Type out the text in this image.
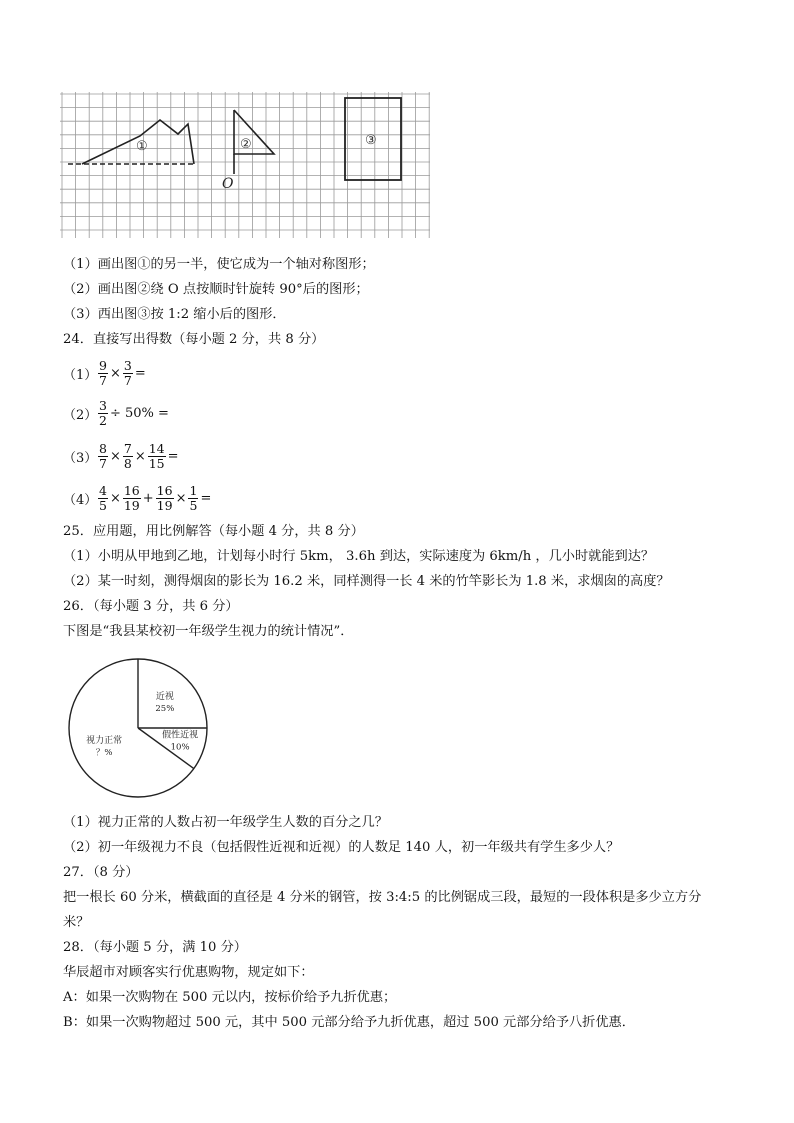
①	②
O
③
（1）画出图①的另一半，使它成为一个轴对称图形；
（2）画出图②绕 O 点按顺时针旋转 90°后的图形；
（3）西出图③按 1:2 缩小后的图形．
24．直接写出得数（每小题 2 分，共 8 分）
$(1) \frac{9}{7} \times \frac{3}{7}$ =
$(2) \frac{3}{2} \div 50\%$ =
$(3) \frac{8}{7} \times \frac{7}{8} \times \frac{14}{15}$ =
$(4) \frac{4}{5} \times \frac{16}{19} + \frac{16}{19} \times \frac{1}{5}$ =
25．应用题，用比例解答（每小题 4 分，共 8 分）
（1）小明从甲地到乙地，计划每小时行 5km， 3.6h 到达，实际速度为 6km/h ，几小时就能到达？
（2）某一时刻，测得烟囱的影长为 16.2 米，同样测得一长 4 米的竹竿影长为 1.8 米，求烟囱的高度？
26．（每小题 3 分，共 6 分）
下图是“我县某校初一年级学生视力的统计情况”．
近视
25%
假性近视
10%
视力正常
？%
（1）视力正常的人数占初一年级学生人数的百分之几？
（2）初一年级视力不良（包括假性近视和近视）的人数足 140 人，初一年级共有学生多少人？
27．（8 分）
把一根长 60 分米，横截面的直径是 4 分米的钢管，按 3:4:5 的比例锯成三段，最短的一段体积是多少立方分
米？
28．（每小题 5 分，满 10 分）
华辰超市对顾客实行优惠购物，规定如下：
A：如果一次购物在 500 元以内，按标价给予九折优惠；
B：如果一次购物超过 500 元，其中 500 元部分给予九折优惠，超过 500 元部分给予八折优惠．
